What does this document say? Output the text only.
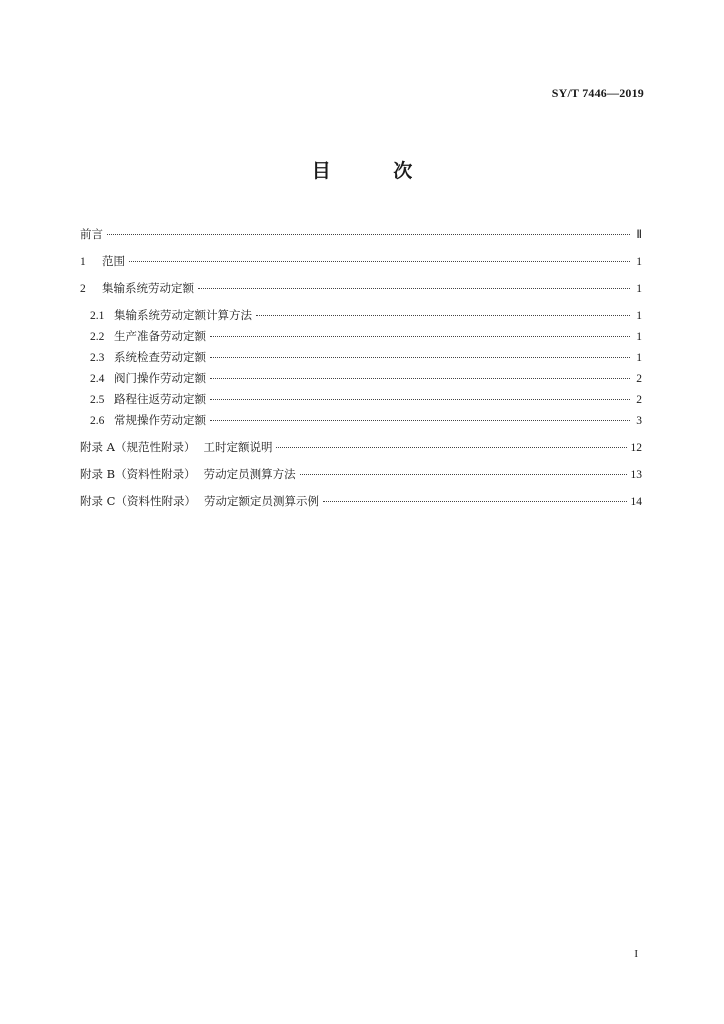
SY/T 7446—2019
目 次
前言	Ⅱ
1	范围	1
2	集输系统劳动定额	1
2.1 集输系统劳动定额计算方法	1
2.2 生产准备劳动定额	1
2.3 系统检查劳动定额	1
2.4 阀门操作劳动定额	2
2.5 路程往返劳动定额	2
2.6 常规操作劳动定额	3
附录 A（规范性附录） 工时定额说明	12
附录 B（资料性附录） 劳动定员测算方法	13
附录 C（资料性附录） 劳动定额定员测算示例	14
I
